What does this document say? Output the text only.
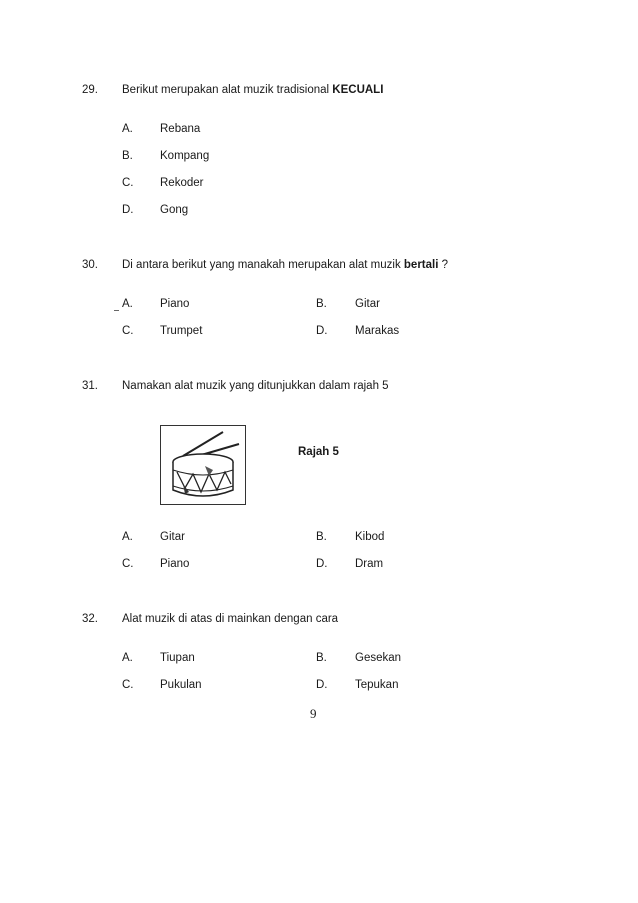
29. Berikut merupakan alat muzik tradisional KECUALI
A. Rebana
B. Kompang
C. Rekoder
D. Gong
30. Di antara berikut yang manakah merupakan alat muzik bertali ?
A. Piano	B. Gitar
C. Trumpet	D. Marakas
31. Namakan alat muzik yang ditunjukkan dalam rajah 5
Rajah 5
A. Gitar	B. Kibod
C. Piano	D. Dram
32. Alat muzik di atas di mainkan dengan cara
A. Tiupan	B. Gesekan
C. Pukulan	D. Tepukan
9
